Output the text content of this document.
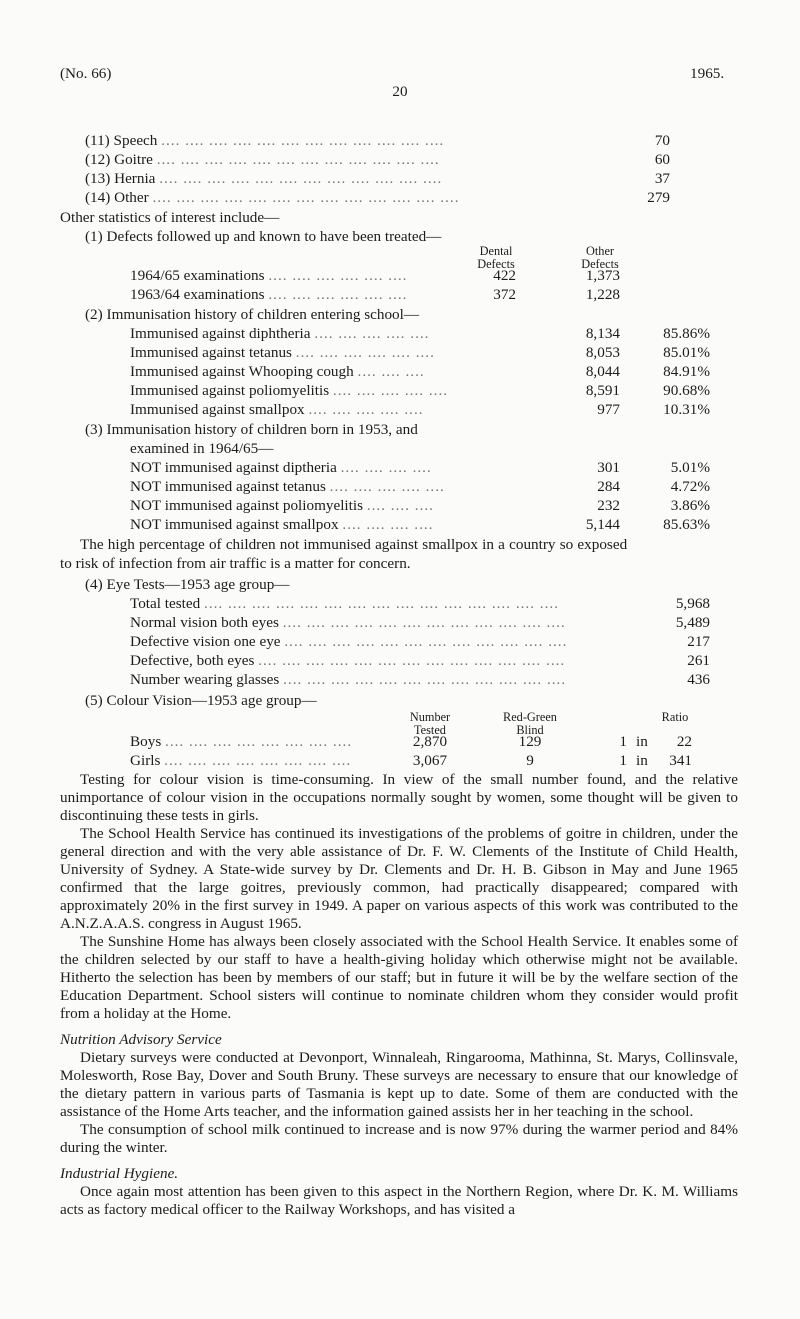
(No. 66)
20
1965.
(11) Speech .... .... .... .... .... .... .... .... .... .... .... ....	70
(12) Goitre .... .... .... .... .... .... .... .... .... .... .... ....	60
(13) Hernia .... .... .... .... .... .... .... .... .... .... .... ....	37
(14) Other .... .... .... .... .... .... .... .... .... .... .... .... ....	279
Other statistics of interest include—
(1) Defects followed up and known to have been treated—
Dental
Defects
Other
Defects
1964/65 examinations .... .... .... .... .... ....	422	1,373
1963/64 examinations .... .... .... .... .... ....	372	1,228
(2) Immunisation history of children entering school—
Immunised against diphtheria .... .... .... .... ....	8,134	85.86%
Immunised against tetanus .... .... .... .... .... ....	8,053	85.01%
Immunised against Whooping cough .... .... ....	8,044	84.91%
Immunised against poliomyelitis .... .... .... .... ....	8,591	90.68%
Immunised against smallpox .... .... .... .... ....	977	10.31%
(3) Immunisation history of children born in 1953, and
examined in 1964/65—
NOT immunised against diptheria .... .... .... ....	301	5.01%
NOT immunised against tetanus .... .... .... .... ....	284	4.72%
NOT immunised against poliomyelitis .... .... ....	232	3.86%
NOT immunised against smallpox .... .... .... ....	5,144	85.63%
The high percentage of children not immunised against smallpox in a country so exposed
to risk of infection from air traffic is a matter for concern.
(4) Eye Tests—1953 age group—
Total tested .... .... .... .... .... .... .... .... .... .... .... .... .... .... ....	5,968
Normal vision both eyes .... .... .... .... .... .... .... .... .... .... .... ....	5,489
Defective vision one eye .... .... .... .... .... .... .... .... .... .... .... ....	217
Defective, both eyes .... .... .... .... .... .... .... .... .... .... .... .... ....	261
Number wearing glasses .... .... .... .... .... .... .... .... .... .... .... ....	436
(5) Colour Vision—1953 age group—
Number
Tested
Red-Green
Blind
Ratio
Boys .... .... .... .... .... .... .... ....	2,870	129	1 in	22
Girls .... .... .... .... .... .... .... ....	3,067	9	1 in	341

Testing for colour vision is time-consuming. In view of the small number found, and the relative unimportance of colour vision in the occupations normally sought by women, some thought will be given to discontinuing these tests in girls.

The School Health Service has continued its investigations of the problems of goitre in children, under the general direction and with the very able assistance of Dr. F. W. Clements of the Institute of Child Health, University of Sydney. A State-wide survey by Dr. Clements and Dr. H. B. Gibson in May and June 1965 confirmed that the large goitres, previously common, had practically disappeared; compared with approximately 20% in the first survey in 1949. A paper on various aspects of this work was contributed to the A.N.Z.A.A.S. congress in August 1965.

The Sunshine Home has always been closely associated with the School Health Service. It enables some of the children selected by our staff to have a health-giving holiday which otherwise might not be available. Hitherto the selection has been by members of our staff; but in future it will be by the welfare section of the Education Department. School sisters will continue to nominate children whom they consider would profit from a holiday at the Home.

Nutrition Advisory Service

Dietary surveys were conducted at Devonport, Winnaleah, Ringarooma, Mathinna, St. Marys, Collinsvale, Molesworth, Rose Bay, Dover and South Bruny. These surveys are necessary to ensure that our knowledge of the dietary pattern in various parts of Tasmania is kept up to date. Some of them are conducted with the assistance of the Home Arts teacher, and the information gained assists her in her teaching in the school.

The consumption of school milk continued to increase and is now 97% during the warmer period and 84% during the winter.

Industrial Hygiene.

Once again most attention has been given to this aspect in the Northern Region, where Dr. K. M. Williams acts as factory medical officer to the Railway Workshops, and has visited a
